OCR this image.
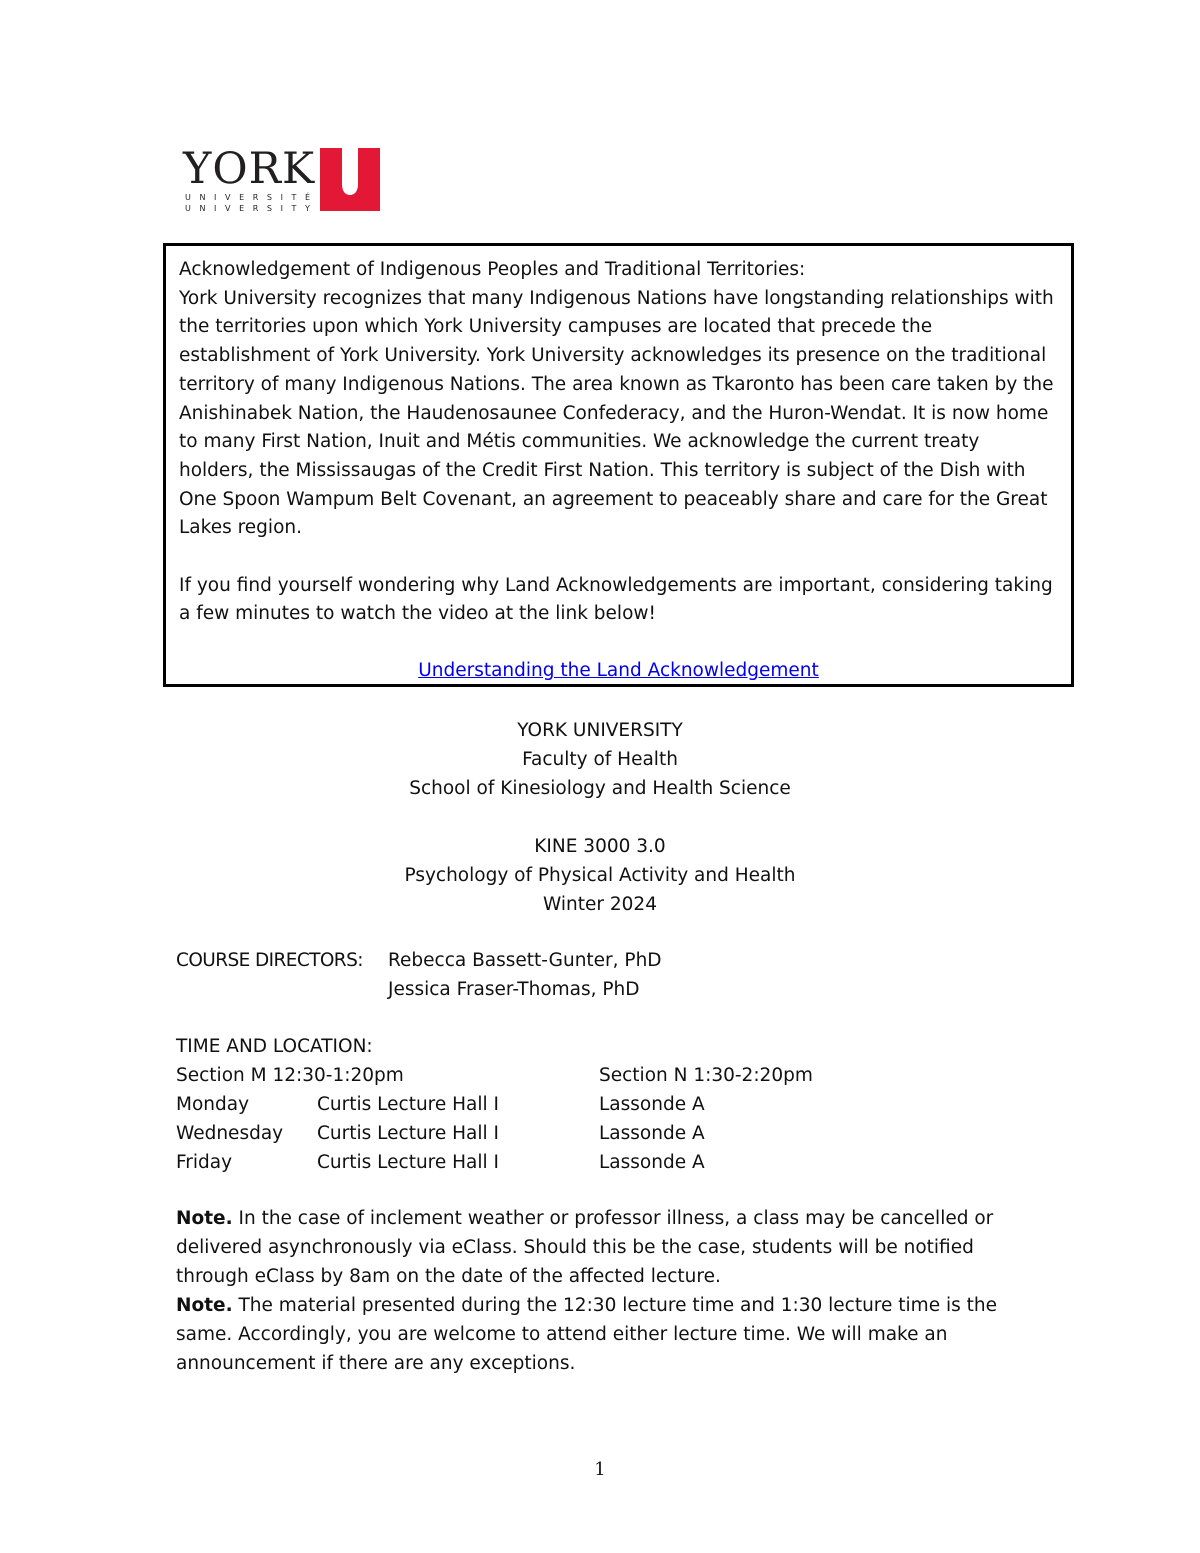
YORK
UNIVERSITÉ
UNIVERSITY

Acknowledgement of Indigenous Peoples and Traditional Territories:

York University recognizes that many Indigenous Nations have longstanding relationships with the territories upon which York University campuses are located that precede the establishment of York University. York University acknowledges its presence on the traditional territory of many Indigenous Nations. The area known as Tkaronto has been care taken by the Anishinabek Nation, the Haudenosaunee Confederacy, and the Huron-Wendat. It is now home to many First Nation, Inuit and Métis communities. We acknowledge the current treaty holders, the Mississaugas of the Credit First Nation. This territory is subject of the Dish with One Spoon Wampum Belt Covenant, an agreement to peaceably share and care for the Great Lakes region.

If you find yourself wondering why Land Acknowledgements are important, considering taking a few minutes to watch the video at the link below!

Understanding the Land Acknowledgement
YORK UNIVERSITY
Faculty of Health
School of Kinesiology and Health Science
KINE 3000 3.0
Psychology of Physical Activity and Health
Winter 2024
COURSE DIRECTORS:	Rebecca Bassett-Gunter, PhD
Jessica Fraser-Thomas, PhD
TIME AND LOCATION:
Section M 12:30-1:20pm	Section N 1:30-2:20pm
Monday	Curtis Lecture Hall I	Lassonde A
Wednesday Curtis Lecture Hall I	Lassonde A
Friday	Curtis Lecture Hall I	Lassonde A

Note. In the case of inclement weather or professor illness, a class may be cancelled or delivered asynchronously via eClass. Should this be the case, students will be notified through eClass by 8am on the date of the affected lecture.

Note. The material presented during the 12:30 lecture time and 1:30 lecture time is the same. Accordingly, you are welcome to attend either lecture time. We will make an announcement if there are any exceptions.

1
